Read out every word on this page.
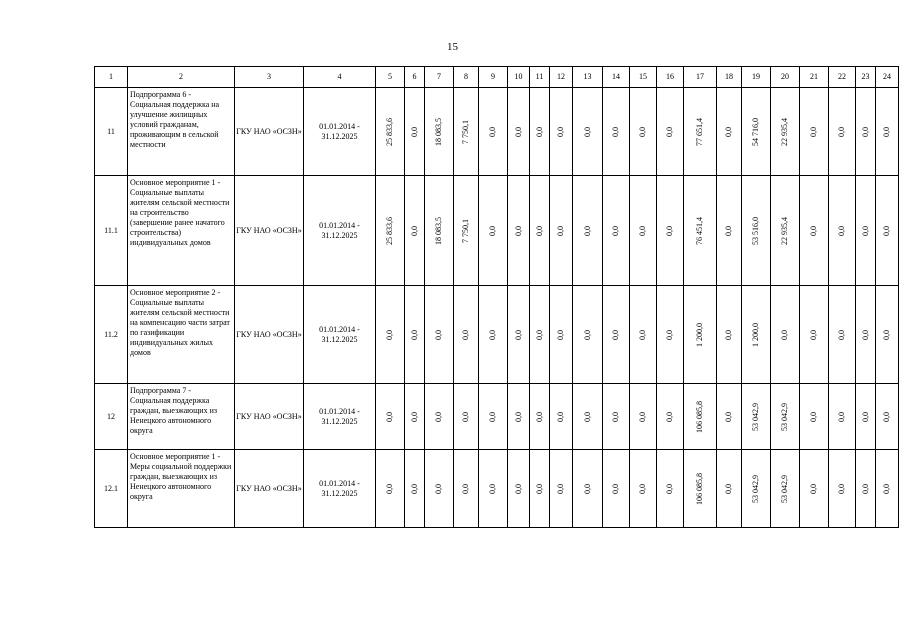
15
1	2	3	4	5	6	7	8	9	10	11	12	13	14	15	16	17	18	19	20	21	22	23	24
11	Подпрограмма 6 - Социальная поддержка на улучшение жилищных условий гражданам, проживающим в сельской местности	ГКУ НАО «ОСЗН»	01.01.2014 - 31.12.2025	25 833,6	0,0	18 083,5	7 750,1	0,0	0,0	0,0	0,0	0,0	0,0	0,0	0,0	77 651,4	0,0	54 716,0	22 935,4	0,0	0,0	0,0	0,0
11.1	Основное мероприятие 1 - Социальные выплаты жителям сельской местности на строительство (завершение ранее начатого строительства) индивидуальных домов	ГКУ НАО «ОСЗН»	01.01.2014 - 31.12.2025	25 833,6	0,0	18 083,5	7 750,1	0,0	0,0	0,0	0,0	0,0	0,0	0,0	0,0	76 451,4	0,0	53 516,0	22 935,4	0,0	0,0	0,0	0,0
11.2	Основное мероприятие 2 - Социальные выплаты жителям сельской местности на компенсацию части затрат по газификации индивидуальных жилых домов	ГКУ НАО «ОСЗН»	01.01.2014 - 31.12.2025	0,0	0,0	0,0	0,0	0,0	0,0	0,0	0,0	0,0	0,0	0,0	0,0	1 200,0	0,0	1 200,0	0,0	0,0	0,0	0,0	0,0
12	Подпрограмма 7 - Социальная поддержка граждан, выезжающих из Ненецкого автономного округа	ГКУ НАО «ОСЗН»	01.01.2014 - 31.12.2025	0,0	0,0	0,0	0,0	0,0	0,0	0,0	0,0	0,0	0,0	0,0	0,0	106 085,8	0,0	53 042,9	53 042,9	0,0	0,0	0,0	0,0
12.1	Основное мероприятие 1 - Меры социальной поддержки граждан, выезжающих из Ненецкого автономного округа	ГКУ НАО «ОСЗН»	01.01.2014 - 31.12.2025	0,0	0,0	0,0	0,0	0,0	0,0	0,0	0,0	0,0	0,0	0,0	0,0	106 085,8	0,0	53 042,9	53 042,9	0,0	0,0	0,0	0,0
